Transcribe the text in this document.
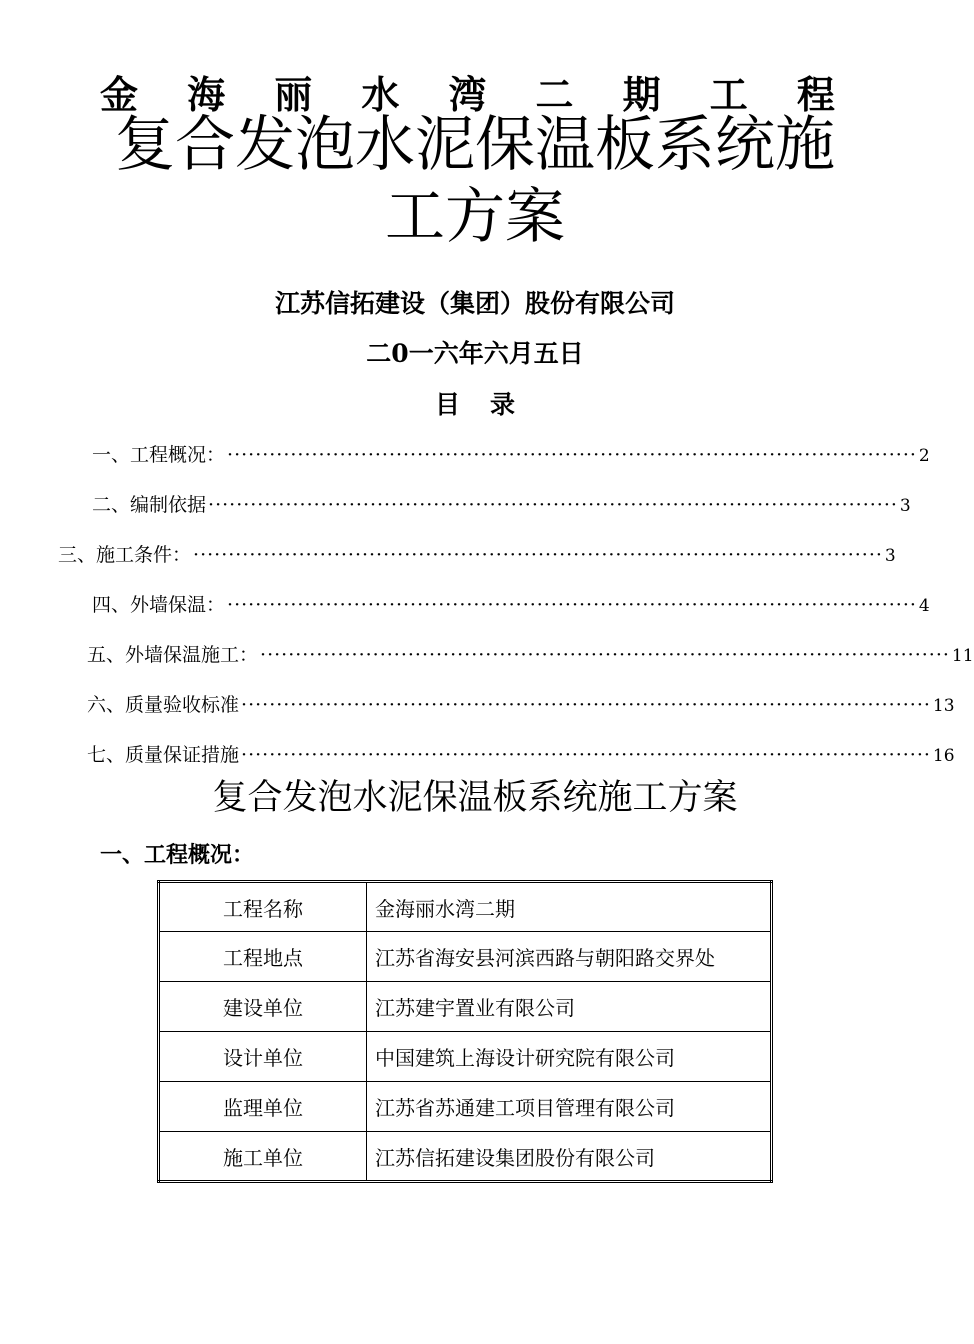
金 海 丽 水 湾 二 期 工 程
复合发泡水泥保温板系统施
工方案
江苏信拓建设（集团）股份有限公司
二0一六年六月五日
目录
一、 工程概况： ·································································································· 2
二、 编制依据 ·································································································· 3
三、 施工条件： ·································································································· 3
四、 外墙保温： ·································································································· 4
五、 外墙保温施工： ·································································································· 11
六、 质量验收标准 ·································································································· 13
七、 质量保证措施 ·································································································· 16
复合发泡水泥保温板系统施工方案
一、工程概况：
工程名称	金海丽水湾二期
工程地点	江苏省海安县河滨西路与朝阳路交界处
建设单位	江苏建宇置业有限公司
设计单位	中国建筑上海设计研究院有限公司
监理单位	江苏省苏通建工项目管理有限公司
施工单位	江苏信拓建设集团股份有限公司
